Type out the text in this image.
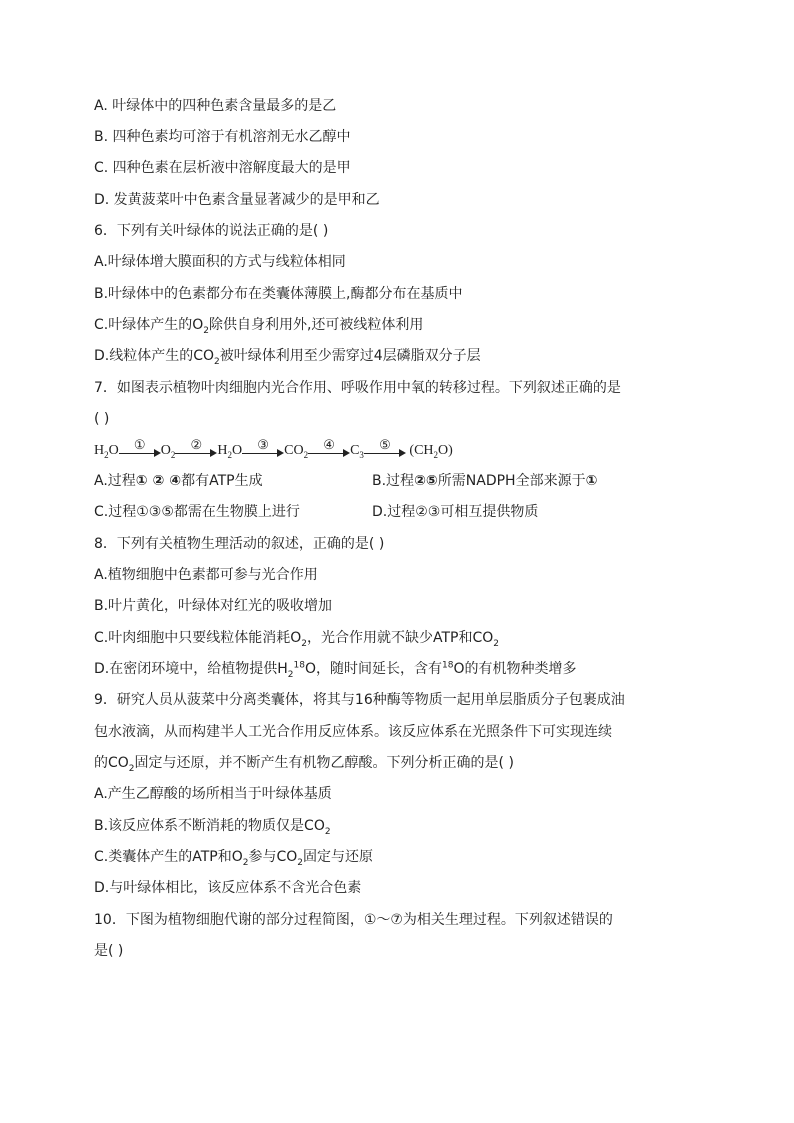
A. 叶绿体中的四种色素含量最多的是乙
B. 四种色素均可溶于有机溶剂无水乙醇中
C. 四种色素在层析液中溶解度最大的是甲
D. 发黄菠菜叶中色素含量显著减少的是甲和乙
6．下列有关叶绿体的说法正确的是( )
A.叶绿体增大膜面积的方式与线粒体相同
B.叶绿体中的色素都分布在类囊体薄膜上,酶都分布在基质中
C.叶绿体产生的$O_2$除供自身利用外,还可被线粒体利用
D.线粒体产生的$CO_2$被叶绿体利用至少需穿过4层磷脂双分子层
7．如图表示植物叶肉细胞内光合作用、呼吸作用中氧的转移过程。下列叙述正确的是
( )
$H_2O$	①	$O_2$
②	$H_2O$	③	$CO_2$
④	$C_3$
⑤	$(CH_2O)$
A.过程① ② ④都有ATP生成	B.过程②⑤所需NADPH全部来源于①
C.过程①③⑤都需在生物膜上进行	D.过程②③可相互提供物质
8．下列有关植物生理活动的叙述，正确的是( )
A.植物细胞中色素都可参与光合作用
B.叶片黄化，叶绿体对红光的吸收增加
C.叶肉细胞中只要线粒体能消耗$O_2$，光合作用就不缺少ATP和$CO_2$
D.在密闭环境中，给植物提供$H_2^{18}O$，随时间延长，含有$^{18}$O的有机物种类增多
9．研究人员从菠菜中分离类囊体，将其与16种酶等物质一起用单层脂质分子包裹成油
包水液滴，从而构建半人工光合作用反应体系。该反应体系在光照条件下可实现连续
的$CO_2$固定与还原，并不断产生有机物乙醇酸。下列分析正确的是( )
A.产生乙醇酸的场所相当于叶绿体基质
B.该反应体系不断消耗的物质仅是$CO_2$
C.类囊体产生的ATP和$O_2$参与$CO_2$固定与还原
D.与叶绿体相比，该反应体系不含光合色素
10．下图为植物细胞代谢的部分过程简图，①～⑦为相关生理过程。下列叙述错误的
是( )
